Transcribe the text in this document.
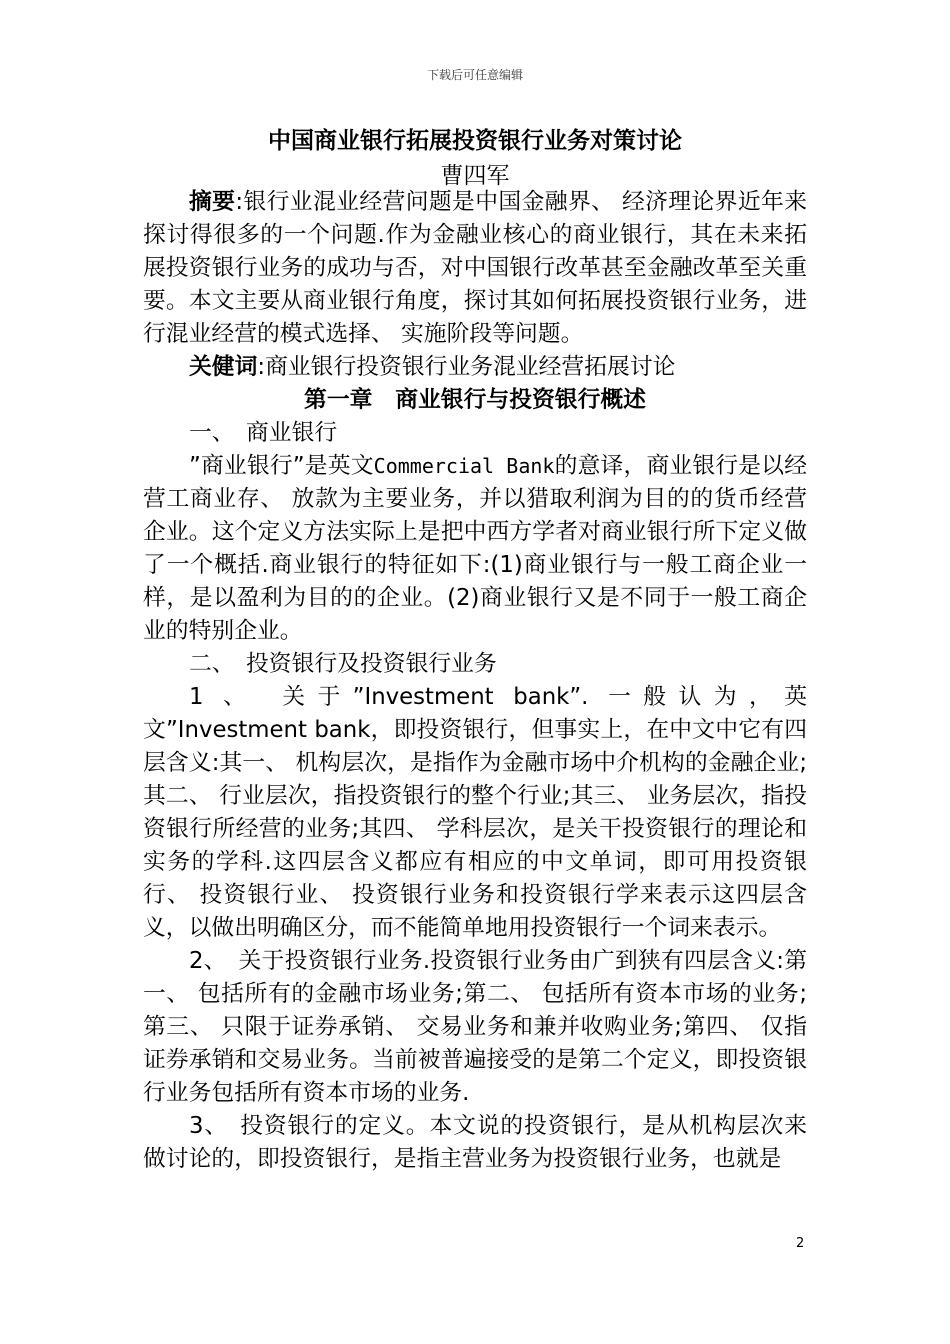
下载后可任意编辑
中国商业银行拓展投资银行业务对策讨论
曹四军

摘要:银行业混业经营问题是中国金融界、 经济理论界近年来探讨得很多的一个问题.作为金融业核心的商业银行，其在未来拓展投资银行业务的成功与否，对中国银行改革甚至金融改革至关重要。本文主要从商业银行角度，探讨其如何拓展投资银行业务，进行混业经营的模式选择、 实施阶段等问题。

关健词:商业银行投资银行业务混业经营拓展讨论

第一章　商业银行与投资银行概述

一、　商业银行

”商业银行”是英文Commercial Bank的意译，商业银行是以经营工商业存、 放款为主要业务，并以猎取利润为目的的货币经营企业。这个定义方法实际上是把中西方学者对商业银行所下定义做了一个概括.商业银行的特征如下:(1)商业银行与一般工商企业一样，是以盈利为目的的企业。(2)商业银行又是不同于一般工商企业的特别企业。

二、　投资银行及投资银行业务

1 、　关于”Investment bank”. 一般认为，英文”Investment bank，即投资银行，但事实上，在中文中它有四层含义:其一、 机构层次，是指作为金融市场中介机构的金融企业;其二、 行业层次，指投资银行的整个行业;其三、 业务层次，指投资银行所经营的业务;其四、 学科层次，是关干投资银行的理论和实务的学科.这四层含义都应有相应的中文单词，即可用投资银行、 投资银行业、 投资银行业务和投资银行学来表示这四层含义，以做出明确区分，而不能简单地用投资银行一个词来表示。

2、　关于投资银行业务.投资银行业务由广到狭有四层含义:第一、 包括所有的金融市场业务;第二、 包括所有资本市场的业务;第三、 只限于证券承销、 交易业务和兼并收购业务;第四、 仅指证券承销和交易业务。当前被普遍接受的是第二个定义，即投资银行业务包括所有资本市场的业务.

3、　投资银行的定义。本文说的投资银行，是从机构层次来做讨论的，即投资银行，是指主营业务为投资银行业务，也就是

2
